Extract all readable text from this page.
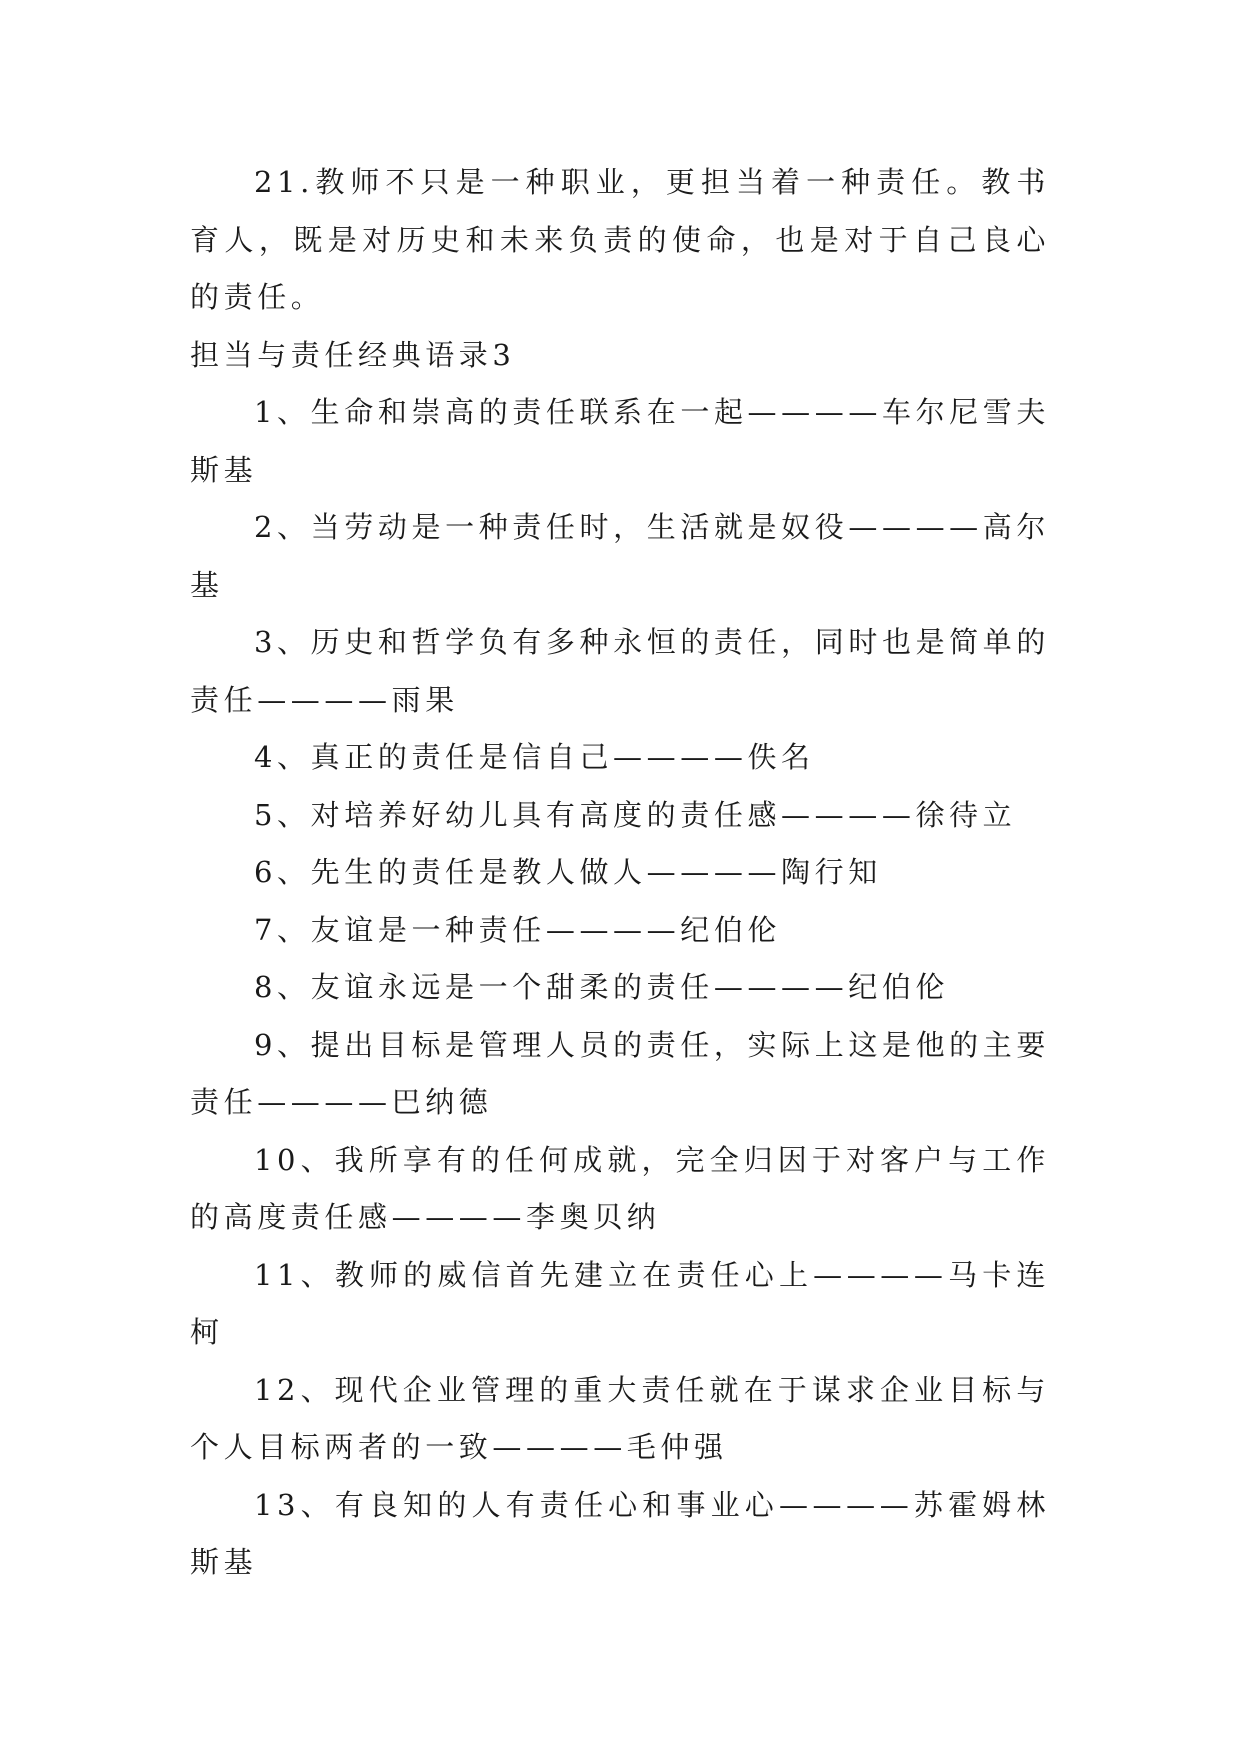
21.教师不只是一种职业，更担当着一种责任。教书育人，既是对历史和未来负责的使命，也是对于自己良心的责任。

担当与责任经典语录3

1、生命和崇高的责任联系在一起————车尔尼雪夫斯基

2、当劳动是一种责任时，生活就是奴役————高尔基

3、历史和哲学负有多种永恒的责任，同时也是简单的责任————雨果

4、真正的责任是信自己————佚名

5、对培养好幼儿具有高度的责任感————徐待立

6、先生的责任是教人做人————陶行知

7、友谊是一种责任————纪伯伦

8、友谊永远是一个甜柔的责任————纪伯伦

9、提出目标是管理人员的责任，实际上这是他的主要责任————巴纳德

10、我所享有的任何成就，完全归因于对客户与工作的高度责任感————李奥贝纳

11、教师的威信首先建立在责任心上————马卡连柯

12、现代企业管理的重大责任就在于谋求企业目标与个人目标两者的一致————毛仲强

13、有良知的人有责任心和事业心————苏霍姆林斯基
